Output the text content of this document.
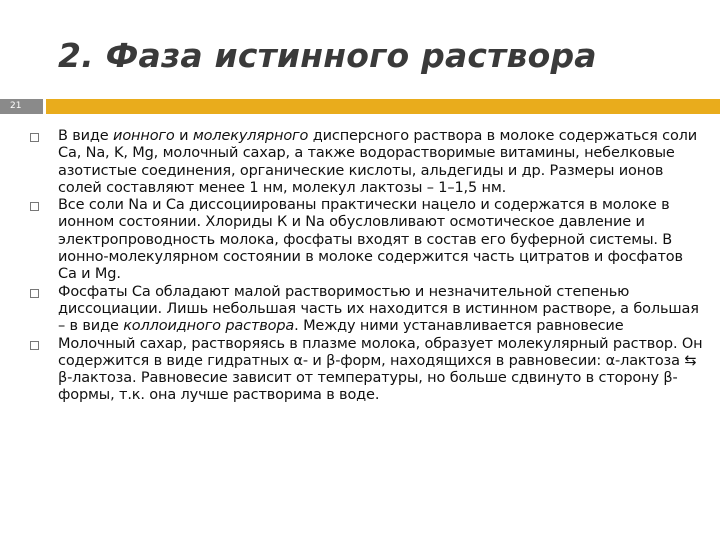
2. Фаза истинного раствора
21
В виде ионного и молекулярного дисперсного раствора в молоке содержаться соли Ca, Na, K, Mg, молочный сахар, а также водорастворимые витамины, небелковые азотистые соединения, органические кислоты, альдегиды и др. Размеры ионов солей составляют менее 1 нм, молекул лактозы – 1–1,5 нм.
Все соли Na и Ca диссоциированы практически нацело и содержатся в молоке в ионном состоянии. Хлориды К и Na обусловливают осмотическое давление и электропроводность молока, фосфаты входят в состав его буферной системы. В ионно-молекулярном состоянии в молоке содержится часть цитратов и фосфатов Ca и Mg.
Фосфаты Ca обладают малой растворимостью и незначительной степенью диссоциации. Лишь небольшая часть их находится в истинном растворе, а большая – в виде коллоидного раствора. Между ними устанавливается равновесие
Молочный сахар, растворяясь в плазме молока, образует молекулярный раствор. Он содержится в виде гидратных α- и β-форм, находящихся в равновесии: α-лактоза ⇆ β-лактоза. Равновесие зависит от температуры, но больше сдвинуто в сторону β-формы, т.к. она лучше растворима в воде.
